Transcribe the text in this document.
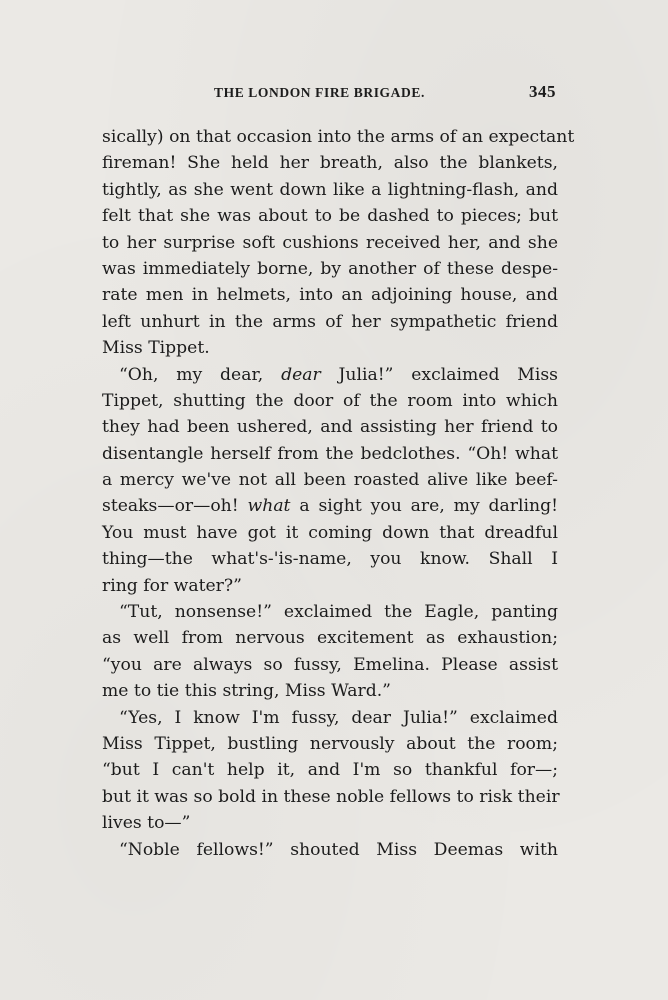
THE LONDON FIRE BRIGADE.	345
sically) on that occasion into the arms of an expectant
fireman! She held her breath, also the blankets,
tightly, as she went down like a lightning-flash, and
felt that she was about to be dashed to pieces; but
to her surprise soft cushions received her, and she
was immediately borne, by another of these despe-
rate men in helmets, into an adjoining house, and
left unhurt in the arms of her sympathetic friend
Miss Tippet.
“Oh, my dear, dear Julia!” exclaimed Miss
Tippet, shutting the door of the room into which
they had been ushered, and assisting her friend to
disentangle herself from the bedclothes. “Oh! what
a mercy we've not all been roasted alive like beef-
steaks—or—oh! what a sight you are, my darling!
You must have got it coming down that dreadful
thing—the what's-'is-name, you know. Shall I
ring for water?”
“Tut, nonsense!” exclaimed the Eagle, panting
as well from nervous excitement as exhaustion;
“you are always so fussy, Emelina. Please assist
me to tie this string, Miss Ward.”
“Yes, I know I'm fussy, dear Julia!” exclaimed
Miss Tippet, bustling nervously about the room;
“but I can't help it, and I'm so thankful for—;
but it was so bold in these noble fellows to risk their
lives to—”
“Noble fellows!” shouted Miss Deemas with
